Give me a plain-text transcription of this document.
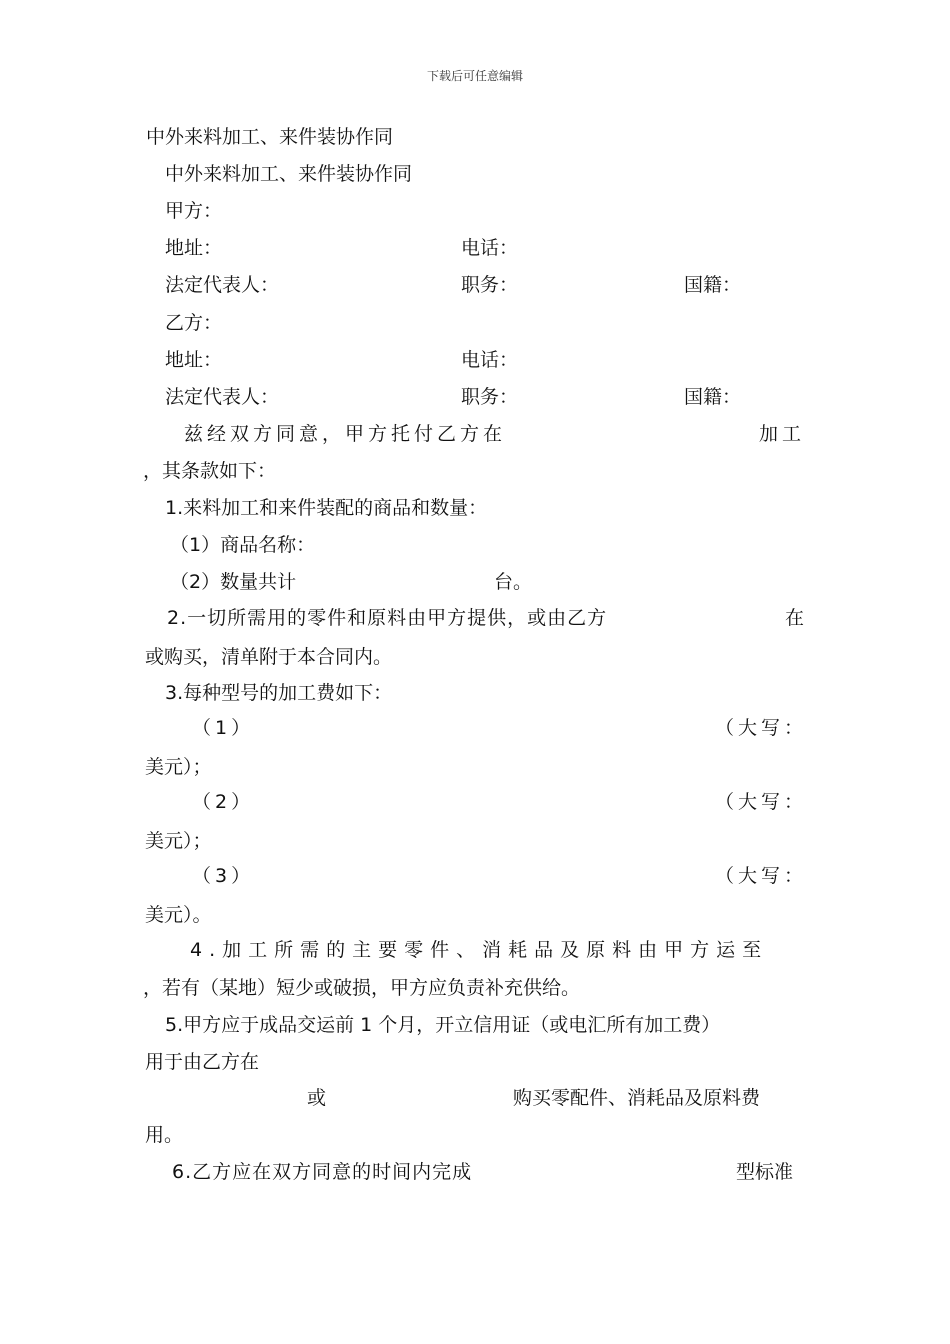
下载后可任意编辑
中外来料加工、来件装协作同
中外来料加工、来件装协作同
甲方：
地址：	电话：
法定代表人：	职务：	国籍：
乙方：
地址：	电话：
法定代表人：	职务：	国籍：
兹经双方同意，甲方托付乙方在	加工
，其条款如下：
1.来料加工和来件装配的商品和数量：
（1）商品名称：
（2）数量共计	台。
2.一切所需用的零件和原料由甲方提供，或由乙方	在
或购买，清单附于本合同内。
3.每种型号的加工费如下：
（1）	（大写：
美元）；
（2）	（大写：
美元）；
（3）	（大写：
美元）。
4.加工所需的主要零件、消耗品及原料由甲方运至
，若有（某地）短少或破损，甲方应负责补充供给。
5.甲方应于成品交运前 1 个月，开立信用证（或电汇所有加工费）
用于由乙方在
或	购买零配件、消耗品及原料费
用。
6.乙方应在双方同意的时间内完成	型标准
